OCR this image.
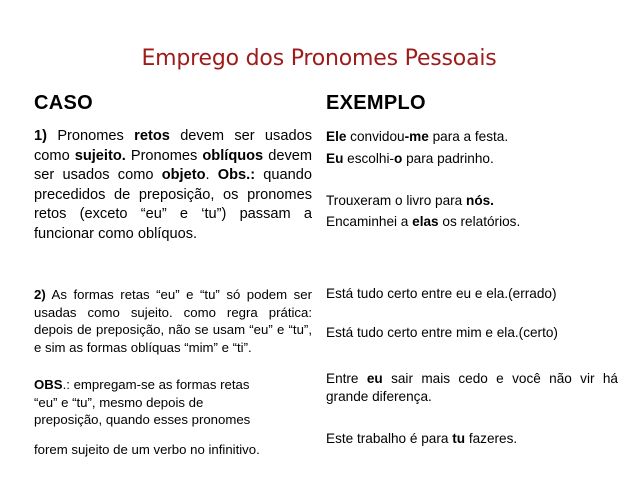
Emprego dos Pronomes Pessoais
CASO	EXEMPLO
1) Pronomes retos devem ser usados como sujeito. Pronomes oblíquos devem ser usados como objeto. Obs.: quando precedidos de preposição, os pronomes retos (exceto “eu” e ‘tu”) passam a funcionar como oblíquos.
2) As formas retas “eu” e “tu” só podem ser usadas como sujeito. como regra prática: depois de preposição, não se usam “eu” e “tu”, e sim as formas oblíquas “mim” e “ti”.
OBS.: empregam-se as formas retas
“eu” e “tu”, mesmo depois de
preposição, quando esses pronomes
forem sujeito de um verbo no infinitivo.
Ele convidou-me para a festa.
Eu escolhi-o para padrinho.
Trouxeram o livro para nós.
Encaminhei a elas os relatórios.
Está tudo certo entre eu e ela.(errado)
Está tudo certo entre mim e ela.(certo)
Entre eu sair mais cedo e você não vir há grande diferença.
Este trabalho é para tu fazeres.
